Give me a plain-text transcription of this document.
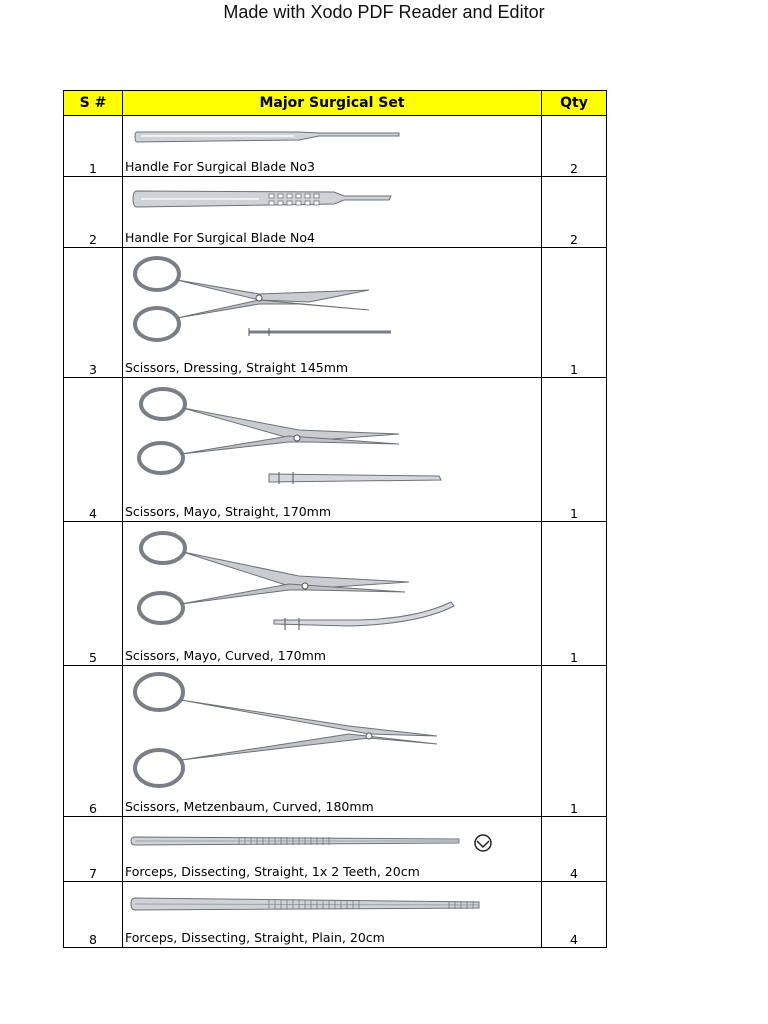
Made with Xodo PDF Reader and Editor
S #	Major Surgical Set	Qty
1	Handle For Surgical Blade No3	2
2	Handle For Surgical Blade No4	2
3	Scissors, Dressing, Straight 145mm	1
4	Scissors, Mayo, Straight, 170mm	1
5	Scissors, Mayo, Curved, 170mm	1
6	Scissors, Metzenbaum, Curved, 180mm	1
7	Forceps, Dissecting, Straight, 1x 2 Teeth, 20cm	4
8	Forceps, Dissecting, Straight, Plain, 20cm	4
